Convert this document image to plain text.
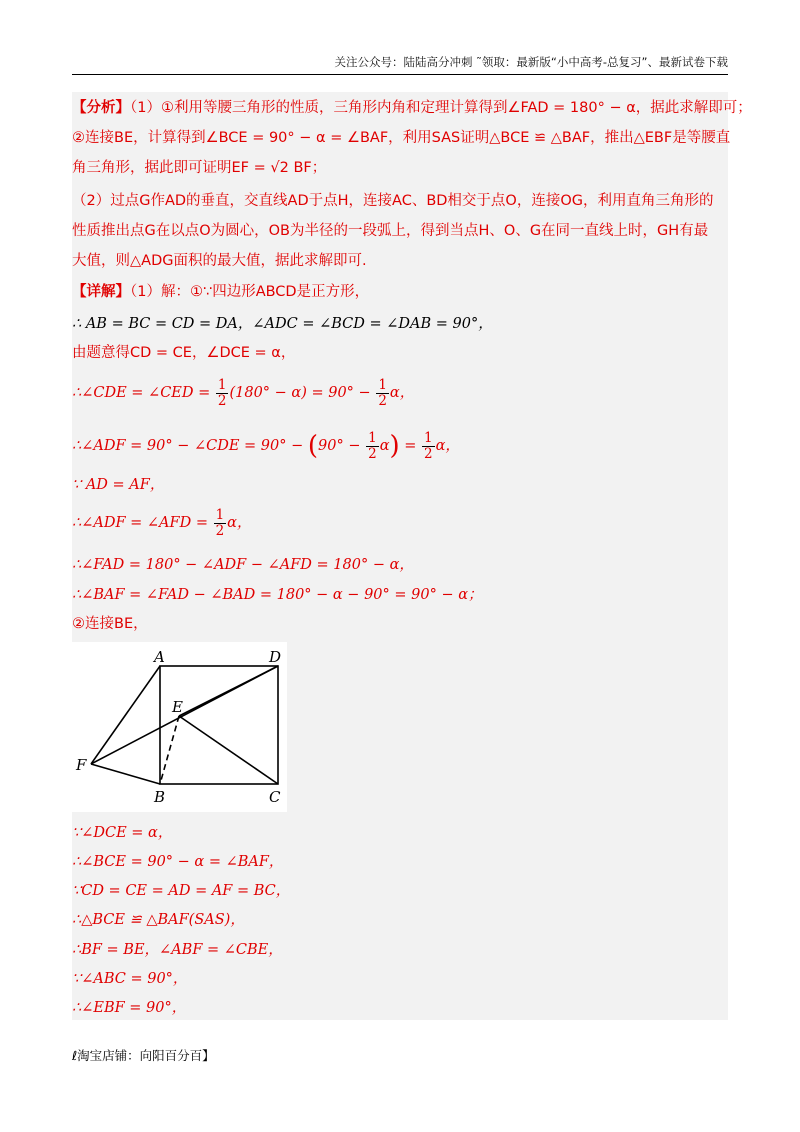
关注公众号：陆陆高分冲刺 ˜领取：最新版“小中高考-总复习”、最新试卷下载
【分析】（1）①利用等腰三角形的性质，三角形内角和定理计算得到∠FAD = 180° − α，据此求解即可；
②连接BE，计算得到∠BCE = 90° − α = ∠BAF，利用SAS证明△BCE ≌ △BAF，推出△EBF是等腰直
角三角形，据此即可证明EF = √2 BF；
（2）过点G作AD的垂直，交直线AD于点H，连接AC、BD相交于点O，连接OG，利用直角三角形的
性质推出点G在以点O为圆心，OB为半径的一段弧上，得到当点H、O、G在同一直线上时，GH有最
大值，则△ADG面积的最大值，据此求解即可.
【详解】（1）解：①∵四边形ABCD是正方形，
∴ AB = BC = CD = DA，∠ADC = ∠BCD = ∠DAB = 90°，
由题意得CD = CE，∠DCE = α，
∴∠CDE = ∠CED = $\frac{1}{2} (180^\circ - \alpha) = 90^\circ - \frac{1}{2}$ α，
∴∠ADF = 90° − ∠CDE = $90^\circ - (90^\circ - \frac{1}{2} \alpha) = \frac{1}{2}$ α，
∵ AD = AF，
∴∠ADF = ∠AFD = $\frac{1}{2}$ α，
∴∠FAD = 180° − ∠ADF − ∠AFD = 180° − α，
∴∠BAF = ∠FAD − ∠BAD = 180° − α − 90° = 90° − α；
②连接BE，
A	D
E
F
B	C
∵∠DCE = α，
∴∠BCE = 90° − α = ∠BAF，
∵CD = CE = AD = AF = BC，
∴△BCE ≌ △BAF(SAS)，
∴BF = BE，∠ABF = ∠CBE，
∵∠ABC = 90°，
∴∠EBF = 90°，
ℓ淘宝店铺：向阳百分百】
